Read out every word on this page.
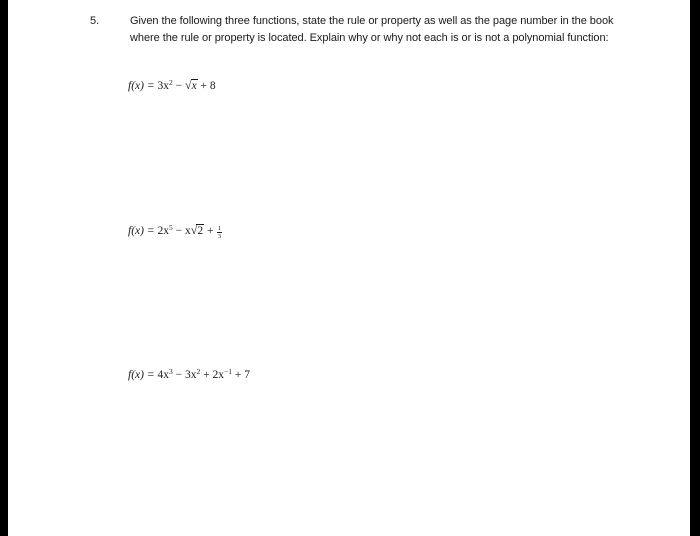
5.	Given the following three functions, state the rule or property as well as the page number in the book where the rule or property is located. Explain why or why not each is or is not a polynomial function:
$f(x) = 3x^2 - √x + 8$
$f(x) = 2x^5 - x√2 + \frac{1}{3}$
$f(x) = 4x^3 - 3x^2 + 2x^{-1} + 7$
